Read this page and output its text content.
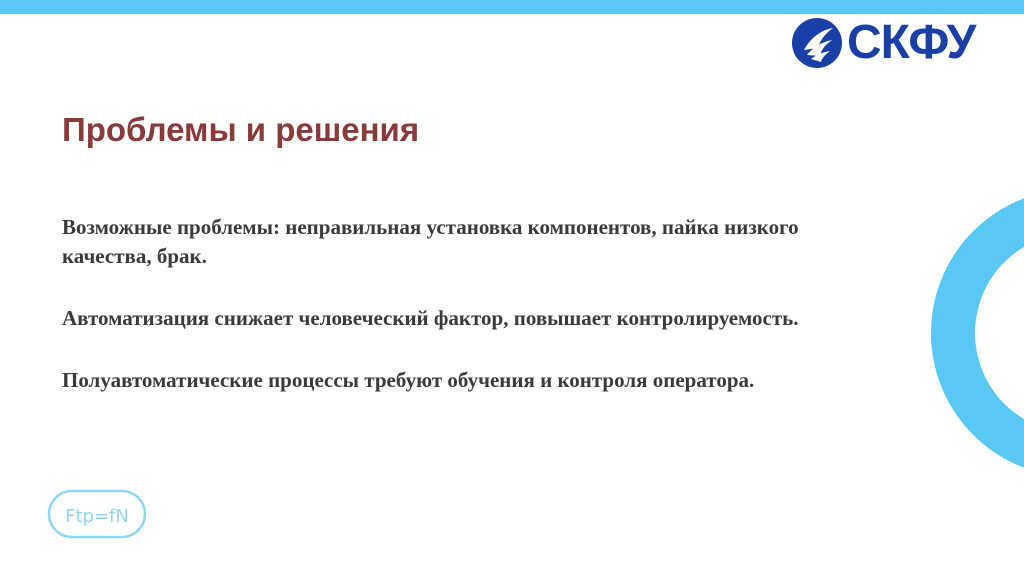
СКФУ
Проблемы и решения

Возможные проблемы: неправильная установка компонентов, пайка низкого качества, брак.

Автоматизация снижает человеческий фактор, повышает контролируемость.

Полуавтоматические процессы требуют обучения и контроля оператора.

Ftp=fN
